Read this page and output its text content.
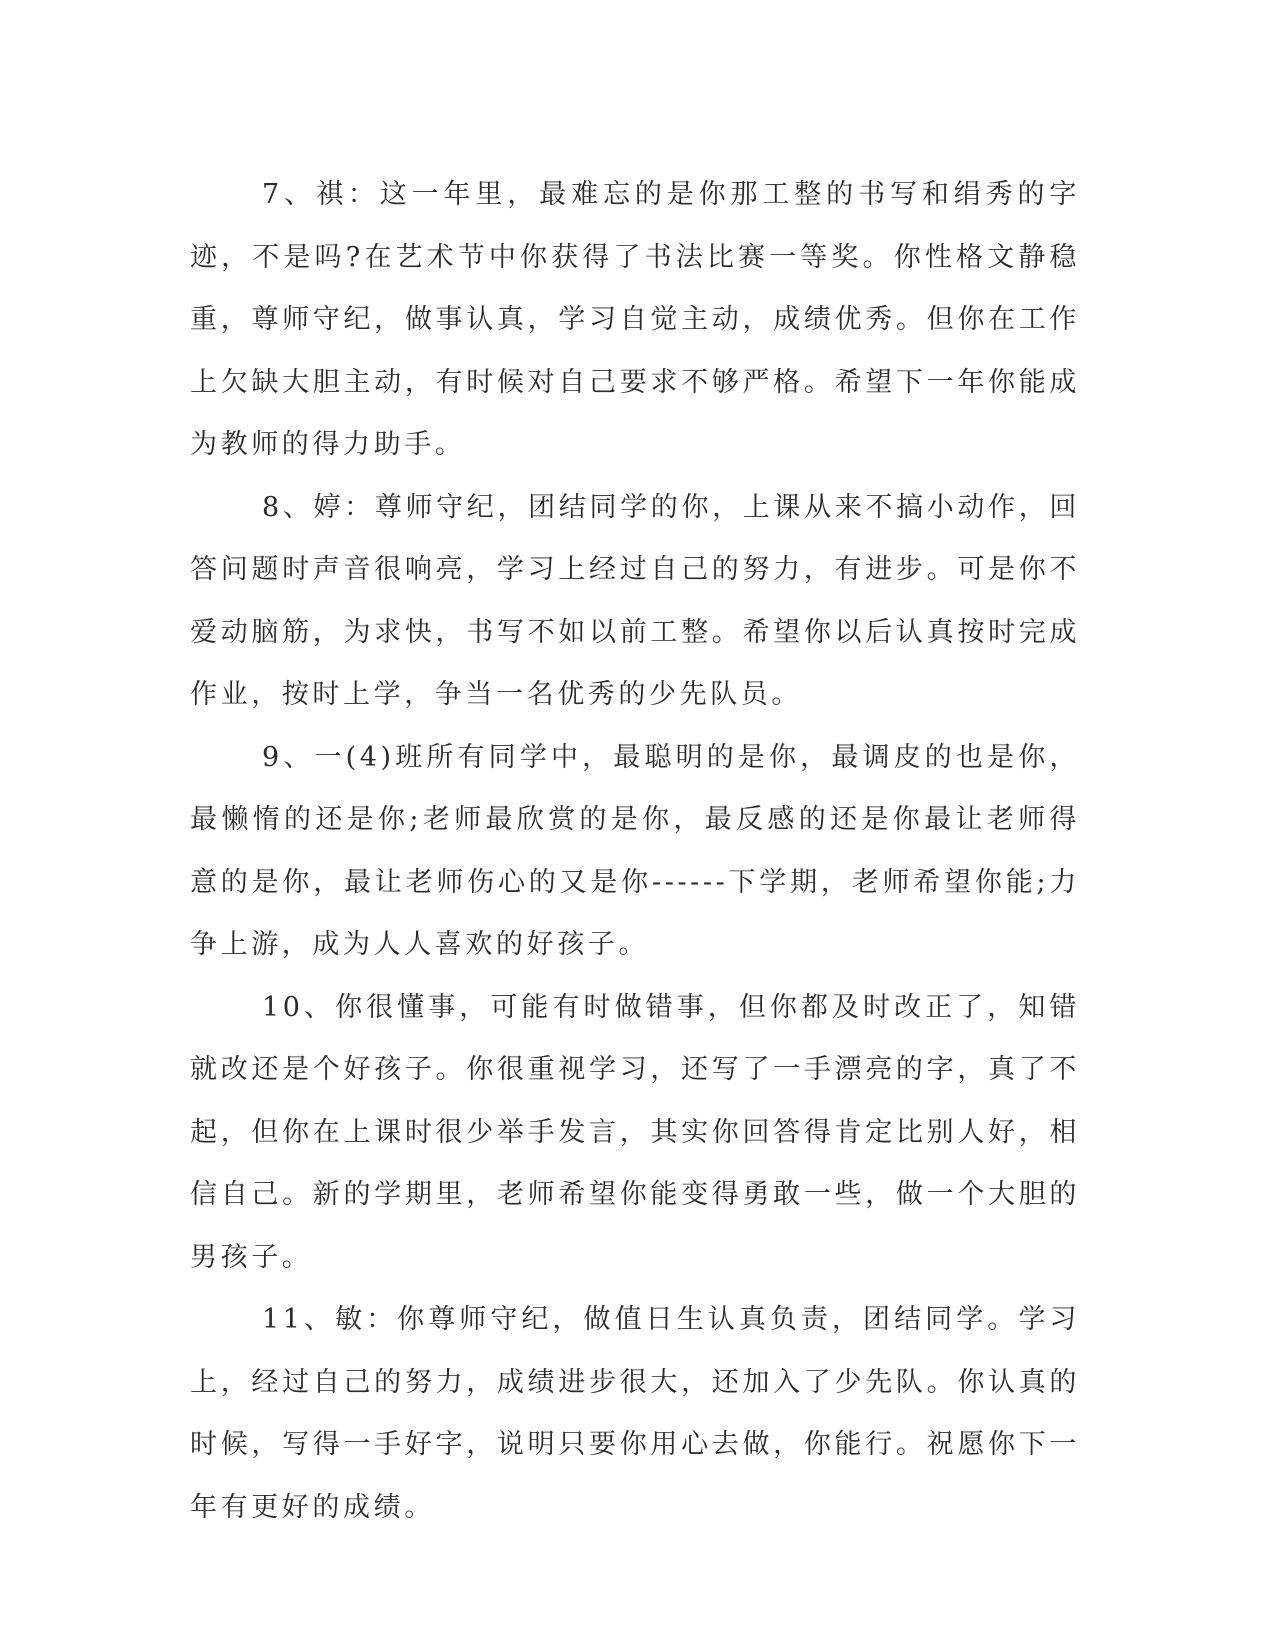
7、祺：这一年里，最难忘的是你那工整的书写和绢秀的字迹，不是吗?在艺术节中你获得了书法比赛一等奖。你性格文静稳重，尊师守纪，做事认真，学习自觉主动，成绩优秀。但你在工作上欠缺大胆主动，有时候对自己要求不够严格。希望下一年你能成为教师的得力助手。

8、婷：尊师守纪，团结同学的你，上课从来不搞小动作，回答问题时声音很响亮，学习上经过自己的努力，有进步。可是你不爱动脑筋，为求快，书写不如以前工整。希望你以后认真按时完成作业，按时上学，争当一名优秀的少先队员。

9、一(4)班所有同学中，最聪明的是你，最调皮的也是你，最懒惰的还是你;老师最欣赏的是你，最反感的还是你最让老师得意的是你，最让老师伤心的又是你------下学期，老师希望你能;力争上游，成为人人喜欢的好孩子。

10、你很懂事，可能有时做错事，但你都及时改正了，知错就改还是个好孩子。你很重视学习，还写了一手漂亮的字，真了不起，但你在上课时很少举手发言，其实你回答得肯定比别人好，相信自己。新的学期里，老师希望你能变得勇敢一些，做一个大胆的男孩子。

11、敏：你尊师守纪，做值日生认真负责，团结同学。学习上，经过自己的努力，成绩进步很大，还加入了少先队。你认真的时候，写得一手好字，说明只要你用心去做，你能行。祝愿你下一年有更好的成绩。
